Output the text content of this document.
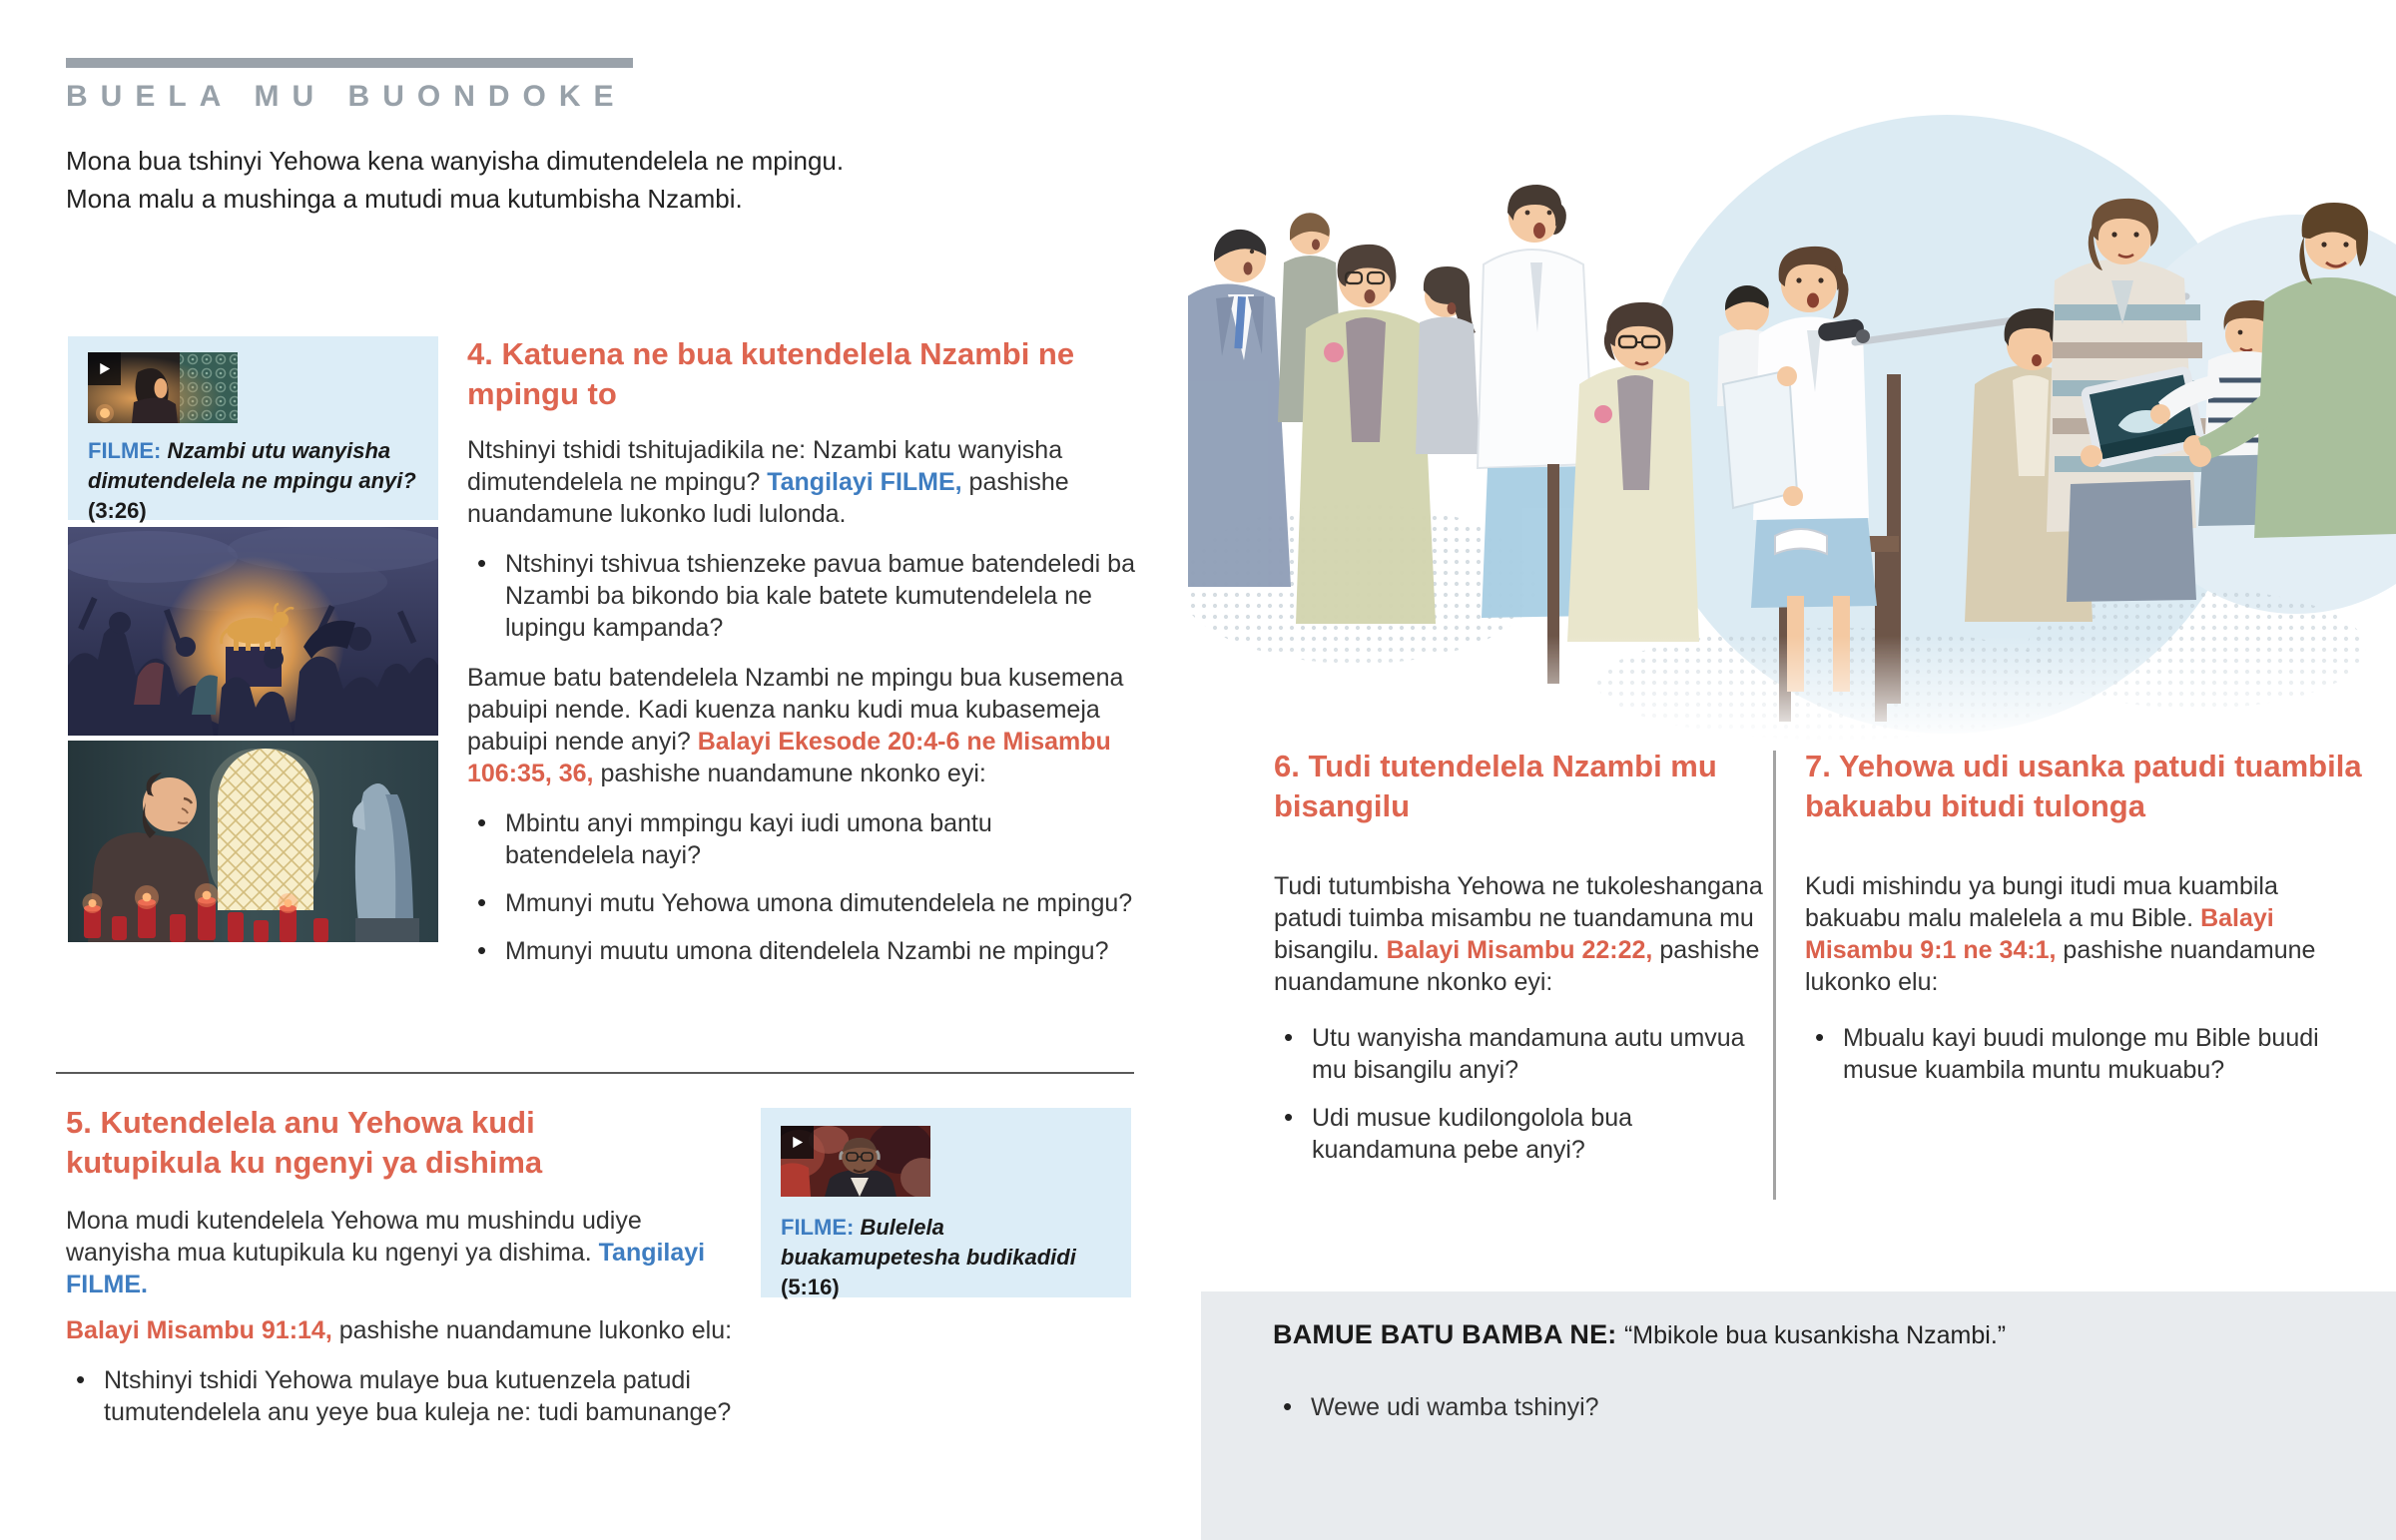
BUELA MU BUONDOKE
Mona bua tshinyi Yehowa kena wanyisha dimutendelela ne mpingu.
Mona malu a mushinga a mutudi mua kutumbisha Nzambi.

FILME: Nzambi utu wanyisha dimutendelela ne mpingu anyi? (3:26)

4. Katuena ne bua kutendelela Nzambi ne mpingu to

Ntshinyi tshidi tshitujadikila ne: Nzambi katu wanyisha dimutendelela ne mpingu? Tangilayi FILME, pashishe nuandamune lukonko ludi lulonda.

• Ntshinyi tshivua tshienzeke pavua bamue batendeledi ba Nzambi ba bikondo bia kale batete kumutendelela ne lupingu kampanda?

Bamue batu batendelela Nzambi ne mpingu bua kusemena pabuipi nende. Kadi kuenza nanku kudi mua kubasemeja pabuipi nende anyi? Balayi Ekesode 20:4-6 ne Misambu 106:35, 36, pashishe nuandamune nkonko eyi:

• Mbintu anyi mmpingu kayi iudi umona bantu batendelela nayi?
• Mmunyi mutu Yehowa umona dimutendelela ne mpingu?
• Mmunyi muutu umona ditendelela Nzambi ne mpingu?
5. Kutendelela anu Yehowa kudi kutupikula ku ngenyi ya dishima

Mona mudi kutendelela Yehowa mu mushindu udiye wanyisha mua kutupikula ku ngenyi ya dishima. Tangilayi FILME.

Balayi Misambu 91:14, pashishe nuandamune lukonko elu:

• Ntshinyi tshidi Yehowa mulaye bua kutuenzela patudi tumutendelela anu yeye bua kuleja ne: tudi bamunange?

FILME: Bulelela buakamupetesha budikadidi (5:16)

6. Tudi tutendelela Nzambi mu bisangilu

Tudi tutumbisha Yehowa ne tukoleshangana patudi tuimba misambu ne tuandamuna mu bisangilu. Balayi Misambu 22:22, pashishe nuandamune nkonko eyi:

• Utu wanyisha mandamuna autu umvua mu bisangilu anyi?
• Udi musue kudilongolola bua kuandamuna pebe anyi?
7. Yehowa udi usanka patudi tuambila bakuabu bitudi tulonga

Kudi mishindu ya bungi itudi mua kuambila bakuabu malu malelela a mu Bible. Balayi Misambu 9:1 ne 34:1, pashishe nuandamune lukonko elu:

• Mbualu kayi buudi mulonge mu Bible buudi musue kuambila muntu mukuabu?

BAMUE BATU BAMBA NE: “Mbikole bua kusankisha Nzambi.”

• Wewe udi wamba tshinyi?
